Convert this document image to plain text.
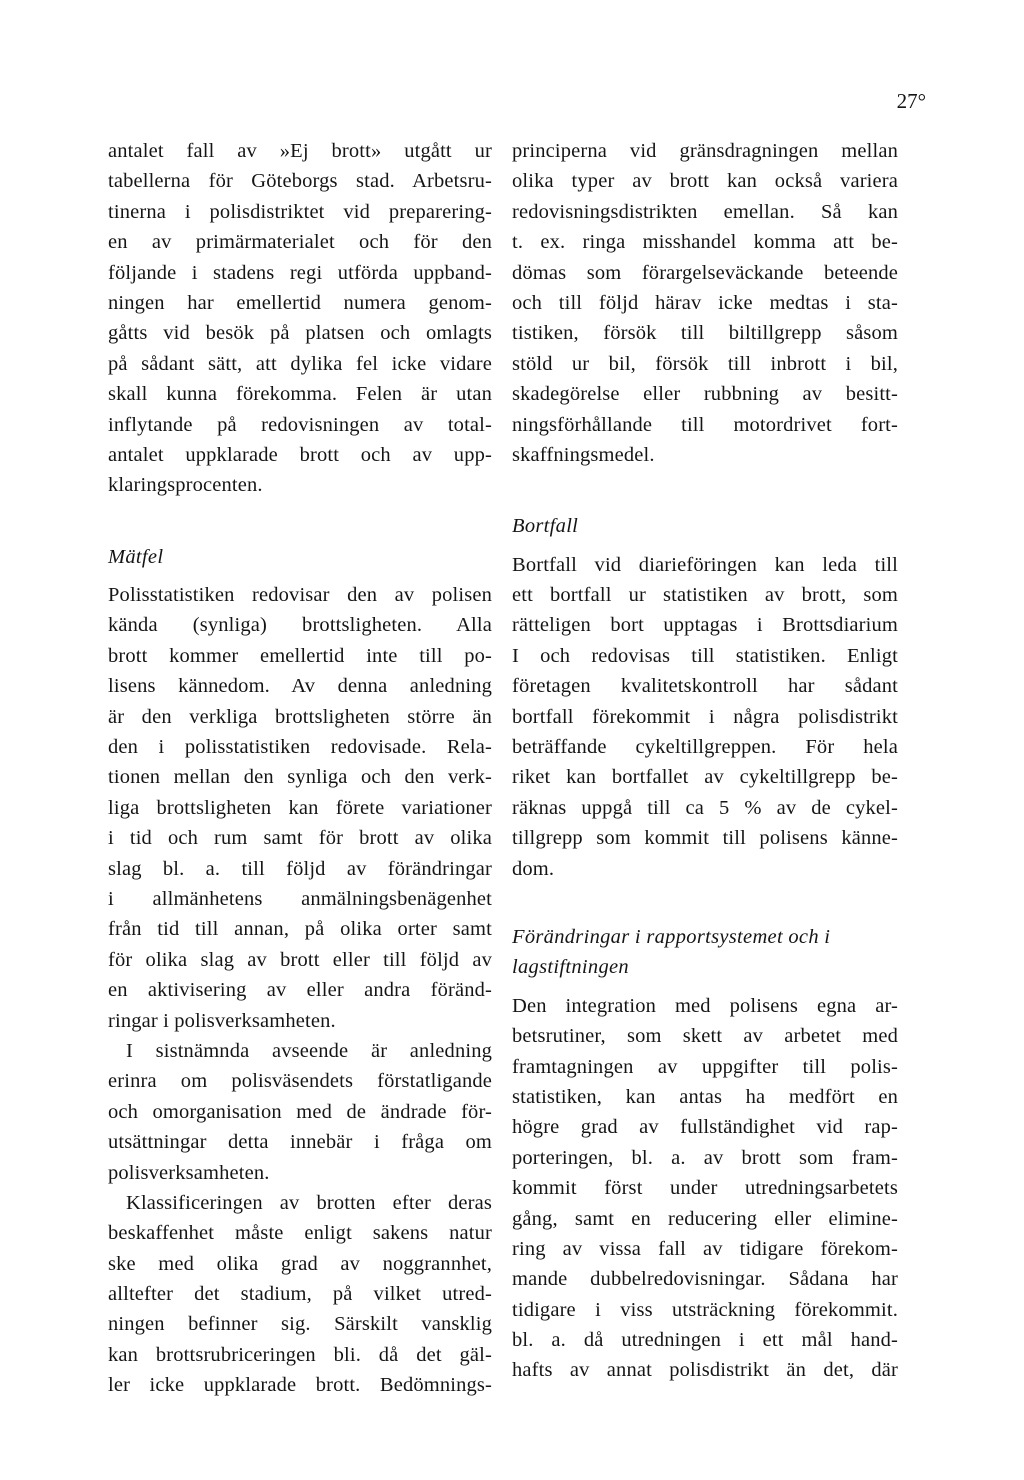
27°
antalet fall av »Ej brott» utgått ur
tabellerna för Göteborgs stad. Arbetsru-
tinerna i polisdistriktet vid preparering-
en av primärmaterialet och för den
följande i stadens regi utförda uppband-
ningen har emellertid numera genom-
gåtts vid besök på platsen och omlagts
på sådant sätt, att dylika fel icke vidare
skall kunna förekomma. Felen är utan
inflytande på redovisningen av total-
antalet uppklarade brott och av upp-
klaringsprocenten.
Mätfel
Polisstatistiken redovisar den av polisen
kända (synliga) brottsligheten. Alla
brott kommer emellertid inte till po-
lisens kännedom. Av denna anledning
är den verkliga brottsligheten större än
den i polisstatistiken redovisade. Rela-
tionen mellan den synliga och den verk-
liga brottsligheten kan förete variationer
i tid och rum samt för brott av olika
slag bl. a. till följd av förändringar
i allmänhetens anmälningsbenägenhet
från tid till annan, på olika orter samt
för olika slag av brott eller till följd av
en aktivisering av eller andra föränd-
ringar i polisverksamheten.
I sistnämnda avseende är anledning
erinra om polisväsendets förstatligande
och omorganisation med de ändrade för-
utsättningar detta innebär i fråga om
polisverksamheten.
Klassificeringen av brotten efter deras
beskaffenhet måste enligt sakens natur
ske med olika grad av noggrannhet,
alltefter det stadium, på vilket utred-
ningen befinner sig. Särskilt vansklig
kan brottsrubriceringen bli. då det gäl-
ler icke uppklarade brott. Bedömnings-
principerna vid gränsdragningen mellan
olika typer av brott kan också variera
redovisningsdistrikten emellan. Så kan
t. ex. ringa misshandel komma att be-
dömas som förargelseväckande beteende
och till följd härav icke medtas i sta-
tistiken, försök till biltillgrepp såsom
stöld ur bil, försök till inbrott i bil,
skadegörelse eller rubbning av besitt-
ningsförhållande till motordrivet fort-
skaffningsmedel.
Bortfall
Bortfall vid diarieföringen kan leda till
ett bortfall ur statistiken av brott, som
rätteligen bort upptagas i Brottsdiarium
I och redovisas till statistiken. Enligt
företagen kvalitetskontroll har sådant
bortfall förekommit i några polisdistrikt
beträffande cykeltillgreppen. För hela
riket kan bortfallet av cykeltillgrepp be-
räknas uppgå till ca 5 % av de cykel-
tillgrepp som kommit till polisens känne-
dom.
Förändringar i rapportsystemet och i
lagstiftningen
Den integration med polisens egna ar-
betsrutiner, som skett av arbetet med
framtagningen av uppgifter till polis-
statistiken, kan antas ha medfört en
högre grad av fullständighet vid rap-
porteringen, bl. a. av brott som fram-
kommit först under utredningsarbetets
gång, samt en reducering eller elimine-
ring av vissa fall av tidigare förekom-
mande dubbelredovisningar. Sådana har
tidigare i viss utsträckning förekommit.
bl. a. då utredningen i ett mål hand-
hafts av annat polisdistrikt än det, där
